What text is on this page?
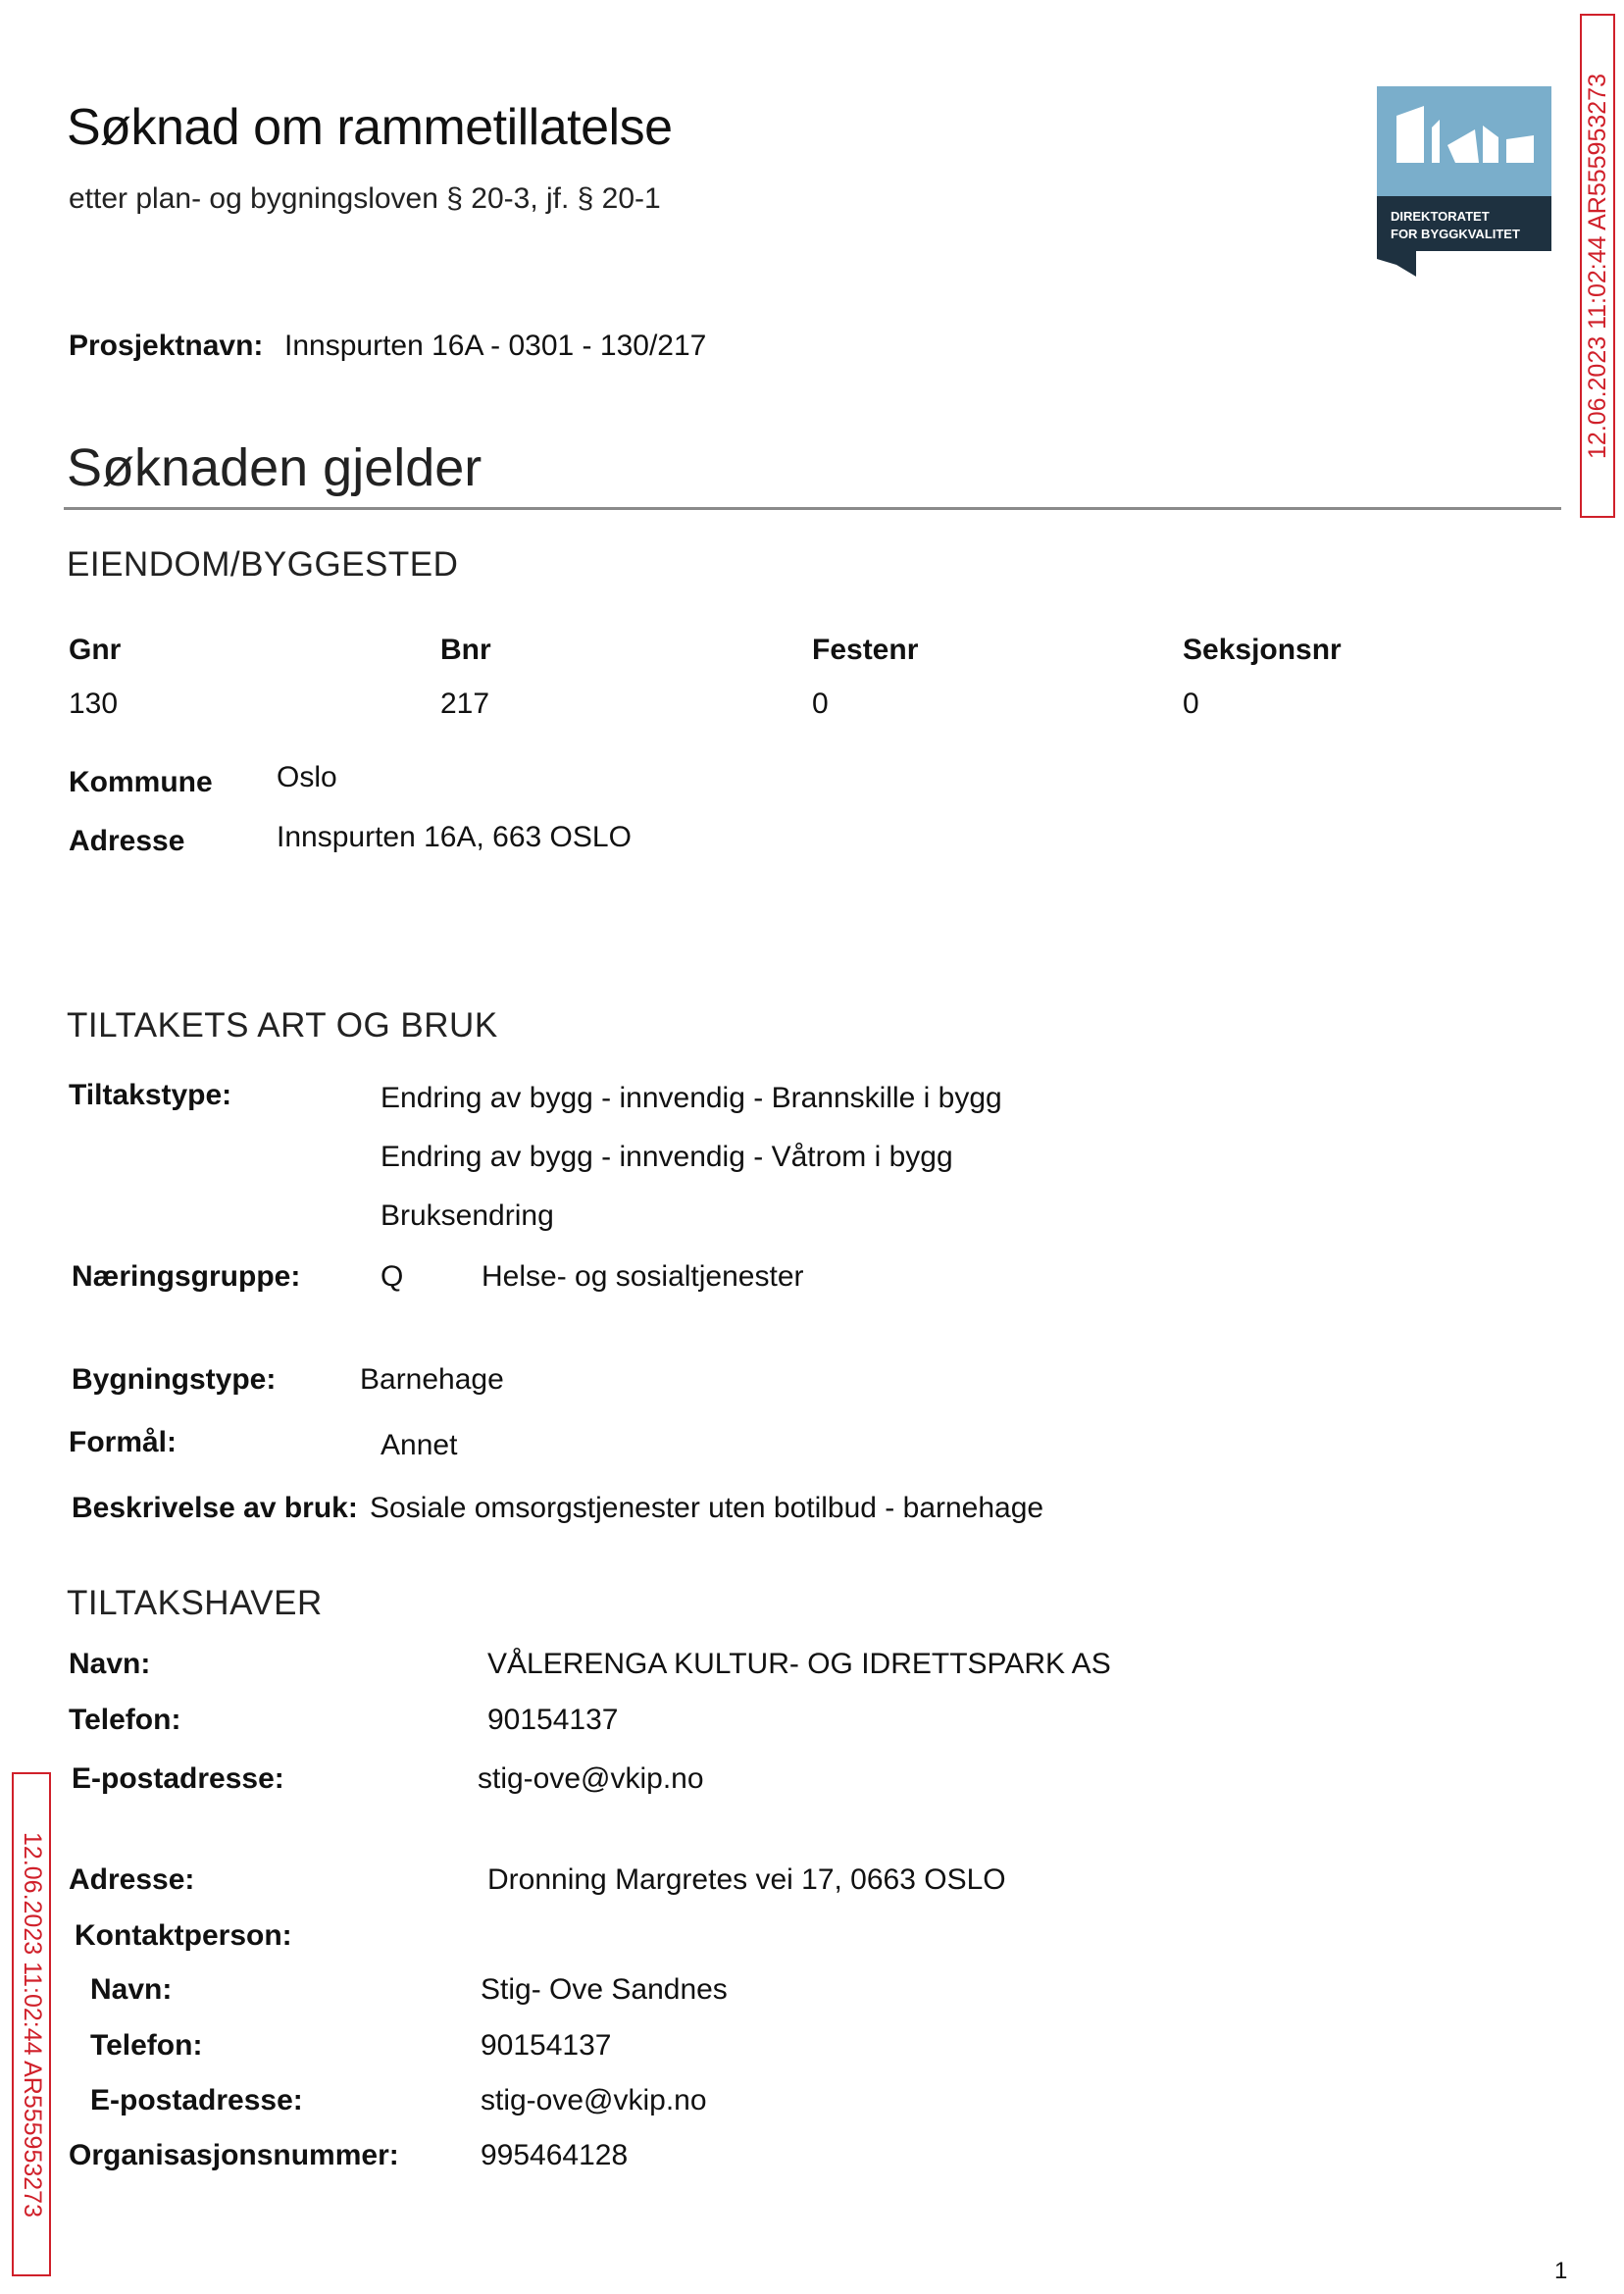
Søknad om rammetillatelse
etter plan- og bygningsloven § 20-3, jf. § 20-1
DIREKTORATET
FOR BYGGKVALITET	12.06.2023 11:02:44 AR555953273
12.06.2023 11:02:44 AR555953273
Prosjektnavn: Innspurten 16A - 0301 - 130/217
Søknaden gjelder
EIENDOM/BYGGESTED
Gnr	Bnr	Festenr	Seksjonsnr
130	217	0	0
Kommune Oslo
Adresse	Innspurten 16A, 663 OSLO
TILTAKETS ART OG BRUK
Tiltakstype:	Endring av bygg - innvendig - Brannskille i bygg
Endring av bygg - innvendig - Våtrom i bygg
Bruksendring
Næringsgruppe:	Q	Helse- og sosialtjenester
Bygningstype:	Barnehage
Formål:	Annet
Beskrivelse av bruk: Sosiale omsorgstjenester uten botilbud - barnehage
TILTAKSHAVER
Navn:	VÅLERENGA KULTUR- OG IDRETTSPARK AS
Telefon:	90154137
E-postadresse:	stig-ove@vkip.no
Adresse:	Dronning Margretes vei 17, 0663 OSLO
Kontaktperson:
Navn:	Stig- Ove Sandnes
Telefon:	90154137
E-postadresse:	stig-ove@vkip.no
Organisasjonsnummer:	995464128
1
